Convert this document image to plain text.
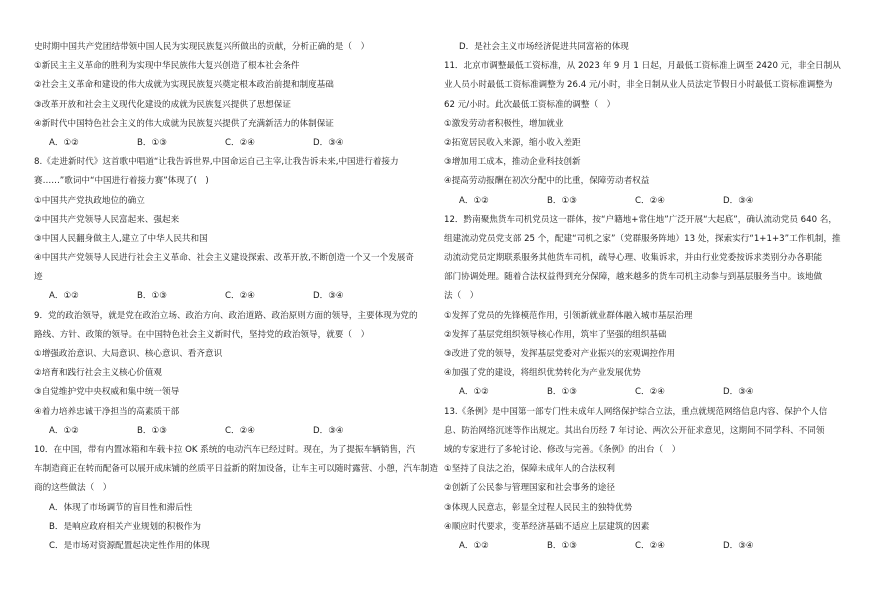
史时期中国共产党团结带领中国人民为实现民族复兴所做出的贡献，分析正确的是（　）
①新民主主义革命的胜利为实现中华民族伟大复兴创造了根本社会条件
②社会主义革命和建设的伟大成就为实现民族复兴奠定根本政治前提和制度基础
③改革开放和社会主义现代化建设的成就为民族复兴提供了思想保证
④新时代中国特色社会主义的伟大成就为民族复兴提供了充满新活力的体制保证
A．①②	B．①③	C．②④	D．③④
8.《走进新时代》这首歌中唱道“让我告诉世界,中国命运自己主宰,让我告诉未来,中国进行着接力
赛……”歌词中“中国进行着接力赛”体现了(　)
①中国共产党执政地位的确立
②中国共产党领导人民富起来、强起来
③中国人民翻身做主人,建立了中华人民共和国
④中国共产党领导人民进行社会主义革命、社会主义建设探索、改革开放,不断创造一个又一个发展奇
迹
A．①②	B．①③	C．②④	D．③④
9．党的政治领导，就是党在政治立场、政治方向、政治道路、政治原则方面的领导，主要体现为党的
路线、方针、政策的领导。在中国特色社会主义新时代，坚持党的政治领导，就要（　）
①增强政治意识、大局意识、核心意识、看齐意识
②培育和践行社会主义核心价值观
③自觉维护党中央权威和集中统一领导
④着力培养忠诚干净担当的高素质干部
A．①②	B．①③	C．②④	D．③④
10．在中国，带有内置冰箱和车载卡拉 OK 系统的电动汽车已经过时。现在，为了提振车辆销售，汽
车制造商正在转而配备可以展开成床铺的丝质平日益新的附加设备，让车主可以随时露营、小憩，汽车制造
商的这些做法（　）
A．体现了市场调节的盲目性和滞后性
B．是响应政府相关产业规划的积极作为
C．是市场对资源配置起决定性作用的体现
D．是社会主义市场经济促进共同富裕的体现
11．北京市调整最低工资标准，从 2023 年 9 月 1 日起，月最低工资标准上调至 2420 元，非全日制从
业人员小时最低工资标准调整为 26.4 元/小时，非全日制从业人员法定节假日小时最低工资标准调整为
62 元/小时。此次最低工资标准的调整（　）
①激发劳动者积极性，增加就业
②拓宽居民收入来源，缩小收入差距
③增加用工成本，推动企业科技创新
④提高劳动报酬在初次分配中的比重，保障劳动者权益
A．①②	B．①③	C．②④	D．③④
12．黔南聚焦货车司机党员这一群体，按“户籍地+常住地”广泛开展“大起底”，确认流动党员 640 名，
组建流动党员党支部 25 个，配建“司机之家”（党群服务阵地）13 处，探索实行“1+1+3”工作机制，推
动流动党员定期联系服务其他货车司机，疏导心理、收集诉求，并由行业党委按诉求类别分办各职能
部门协调处理。随着合法权益得到充分保障，越来越多的货车司机主动参与到基层服务当中。该地做
法（　）
①发挥了党员的先锋模范作用，引领新就业群体融入城市基层治理
②发挥了基层党组织领导核心作用，筑牢了坚强的组织基础
③改进了党的领导，发挥基层党委对产业振兴的宏观调控作用
④加强了党的建设，将组织优势转化为产业发展优势
A．①②	B．①③	C．②④	D．③④
13.《条例》是中国第一部专门性未成年人网络保护综合立法，重点就规范网络信息内容、保护个人信
息、防治网络沉迷等作出规定。其出台历经 7 年讨论、两次公开征求意见，这期间不同学科、不同领
域的专家进行了多轮讨论、修改与完善。《条例》的出台（　）
①坚持了良法之治，保障未成年人的合法权利
②创新了公民参与管理国家和社会事务的途径
③体现人民意志，彰显全过程人民民主的独特优势
④顺应时代要求，变革经济基础不适应上层建筑的因素
A．①②	B．①③	C．②④	D．③④
